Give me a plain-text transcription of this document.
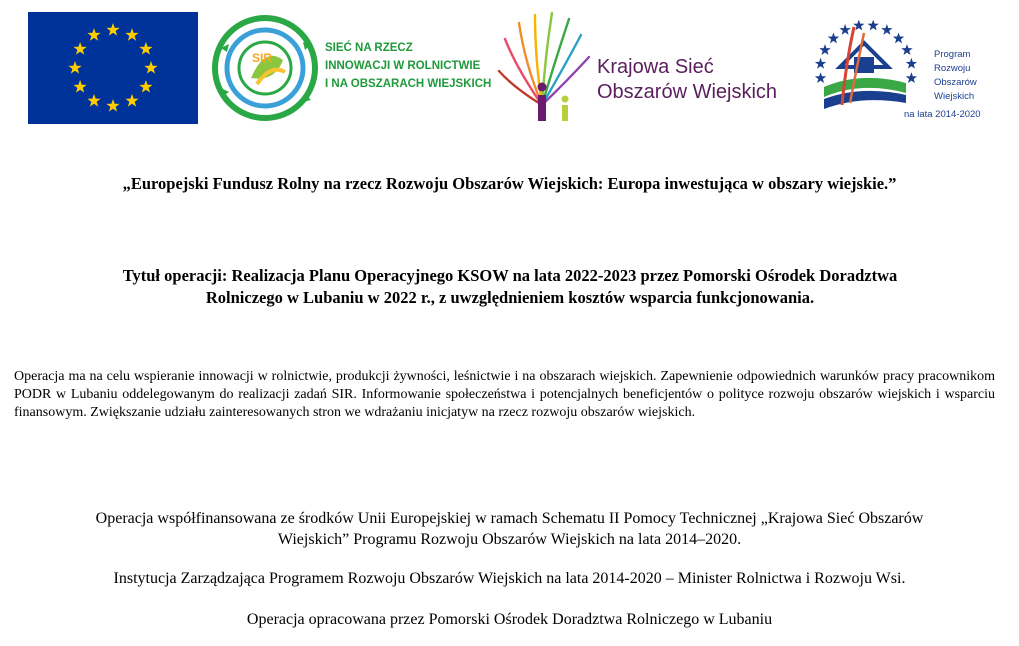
SIR
SIEĆ NA RZECZ
INNOWACJI W ROLNICTWIE
I NA OBSZARACH WIEJSKICH
Krajowa Sieć
Obszarów Wiejskich
Program
Rozwoju
Obszarów
Wiejskich
na lata 2014-2020

„Europejski Fundusz Rolny na rzecz Rozwoju Obszarów Wiejskich: Europa inwestująca w obszary wiejskie.”

Tytuł operacji: Realizacja Planu Operacyjnego KSOW na lata 2022-2023 przez Pomorski Ośrodek Doradztwa
Rolniczego w Lubaniu w 2022 r., z uwzględnieniem kosztów wsparcia funkcjonowania.

Operacja ma na celu wspieranie innowacji w rolnictwie, produkcji żywności, leśnictwie i na obszarach wiejskich. Zapewnienie odpowiednich warunków pracy pracownikom PODR w Lubaniu oddelegowanym do realizacji zadań SIR. Informowanie społeczeństwa i potencjalnych beneficjentów o polityce rozwoju obszarów wiejskich i wsparciu finansowym. Zwiększanie udziału zainteresowanych stron we wdrażaniu inicjatyw na rzecz rozwoju obszarów wiejskich.

Operacja współfinansowana ze środków Unii Europejskiej w ramach Schematu II Pomocy Technicznej „Krajowa Sieć Obszarów
Wiejskich” Programu Rozwoju Obszarów Wiejskich na lata 2014–2020.

Instytucja Zarządzająca Programem Rozwoju Obszarów Wiejskich na lata 2014-2020 – Minister Rolnictwa i Rozwoju Wsi.

Operacja opracowana przez Pomorski Ośrodek Doradztwa Rolniczego w Lubaniu
